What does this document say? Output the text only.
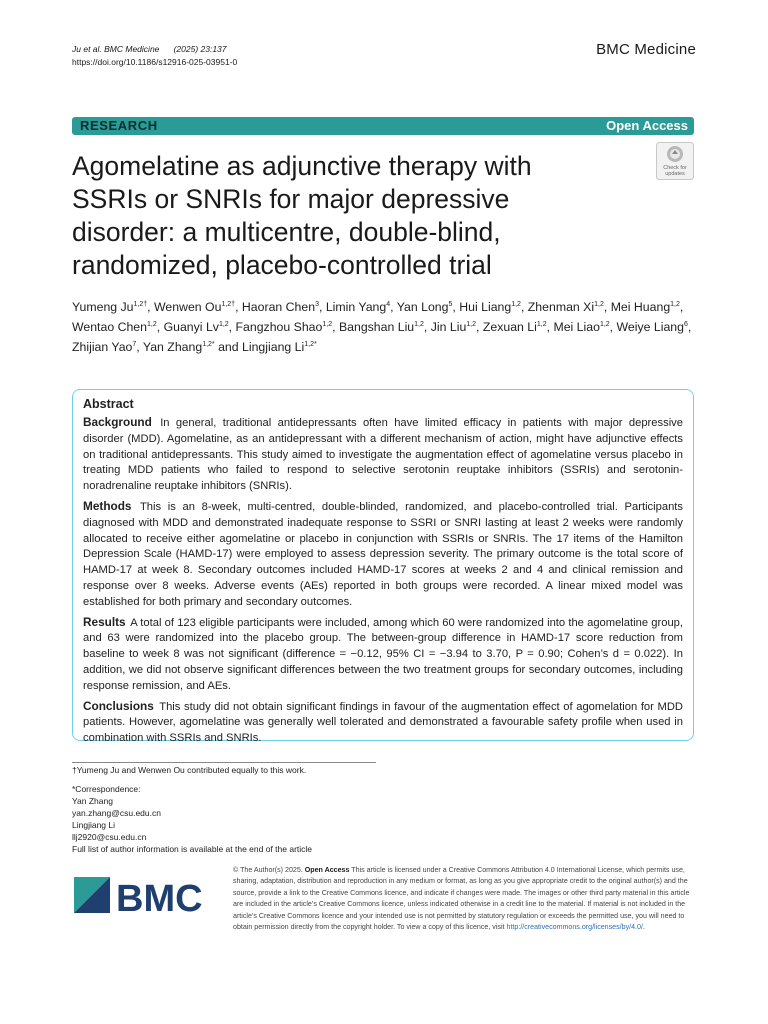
Ju et al. BMC Medicine (2025) 23:137
https://doi.org/10.1186/s12916-025-03951-0
BMC Medicine
RESEARCH	Open Access
Check for
updates
Agomelatine as adjunctive therapy with SSRIs or SNRIs for major depressive disorder: a multicentre, double-blind, randomized, placebo-controlled trial
Yumeng $Ju^{1,2\dagger}$, Wenwen $Ou^{1,2\dagger}$, Haoran Chen$^3$, Limin Yang$^4$, Yan Long$^5$, Hui Liang$^{1,2}$, Zhenman Xi$^{1,2}$, Mei Huang$^{1,2}$, Wentao Chen$^{1,2}$, Guanyi Lv$^{1,2}$, Fangzhou Shao$^{1,2}$, Bangshan Liu$^{1,2}$, Jin Liu$^{1,2}$, Zexuan Li$^{1,2}$, Mei Liao$^{1,2}$, Weiye Liang$^6$, Zhijian Yao$^7$, Yan Zhang$^{1,2*}$ and Lingjiang $Li^{1,2*}$
Abstract

Background In general, traditional antidepressants often have limited efficacy in patients with major depressive disorder (MDD). Agomelatine, as an antidepressant with a different mechanism of action, might have adjunctive effects on traditional antidepressants. This study aimed to investigate the augmentation effect of agomelatine versus placebo in treating MDD patients who failed to respond to selective serotonin reuptake inhibitors (SSRIs) and serotonin-noradrenaline reuptake inhibitors (SNRIs).

Methods This is an 8-week, multi-centred, double-blinded, randomized, and placebo-controlled trial. Participants diagnosed with MDD and demonstrated inadequate response to SSRI or SNRI lasting at least 2 weeks were randomly allocated to receive either agomelatine or placebo in conjunction with SSRIs or SNRIs. The 17 items of the Hamilton Depression Scale (HAMD-17) were employed to assess depression severity. The primary outcome is the total score of HAMD-17 at week 8. Secondary outcomes included HAMD-17 scores at weeks 2 and 4 and clinical remission and response over 8 weeks. Adverse events (AEs) reported in both groups were recorded. A linear mixed model was established for both primary and secondary outcomes.

Results A total of 123 eligible participants were included, among which 60 were randomized into the agomelatine group, and 63 were randomized into the placebo group. The between-group difference in HAMD-17 score reduction from baseline to week 8 was not significant (difference = −0.12, 95% CI = −3.94 to 3.70, P = 0.90; Cohen’s d = 0.022). In addition, we did not observe significant differences between the two treatment groups for secondary outcomes, including response remission, and AEs.

Conclusions This study did not obtain significant findings in favour of the augmentation effect of agomelation for MDD patients. However, agomelatine was generally well tolerated and demonstrated a favourable safety profile when used in combination with SSRIs and SNRIs.

†Yumeng Ju and Wenwen Ou contributed equally to this work.
*Correspondence:
Yan Zhang
yan.zhang@csu.edu.cn
Lingjiang Li
llj2920@csu.edu.cn
Full list of author information is available at the end of the article
BMC
© The Author(s) 2025. Open Access This article is licensed under a Creative Commons Attribution 4.0 International License, which permits use, sharing, adaptation, distribution and reproduction in any medium or format, as long as you give appropriate credit to the original author(s) and the source, provide a link to the Creative Commons licence, and indicate if changes were made. The images or other third party material in this article are included in the article’s Creative Commons licence, unless indicated otherwise in a credit line to the material. If material is not included in the article’s Creative Commons licence and your intended use is not permitted by statutory regulation or exceeds the permitted use, you will need to obtain permission directly from the copyright holder. To view a copy of this licence, visit http://creativecommons.org/licenses/by/4.0/.
